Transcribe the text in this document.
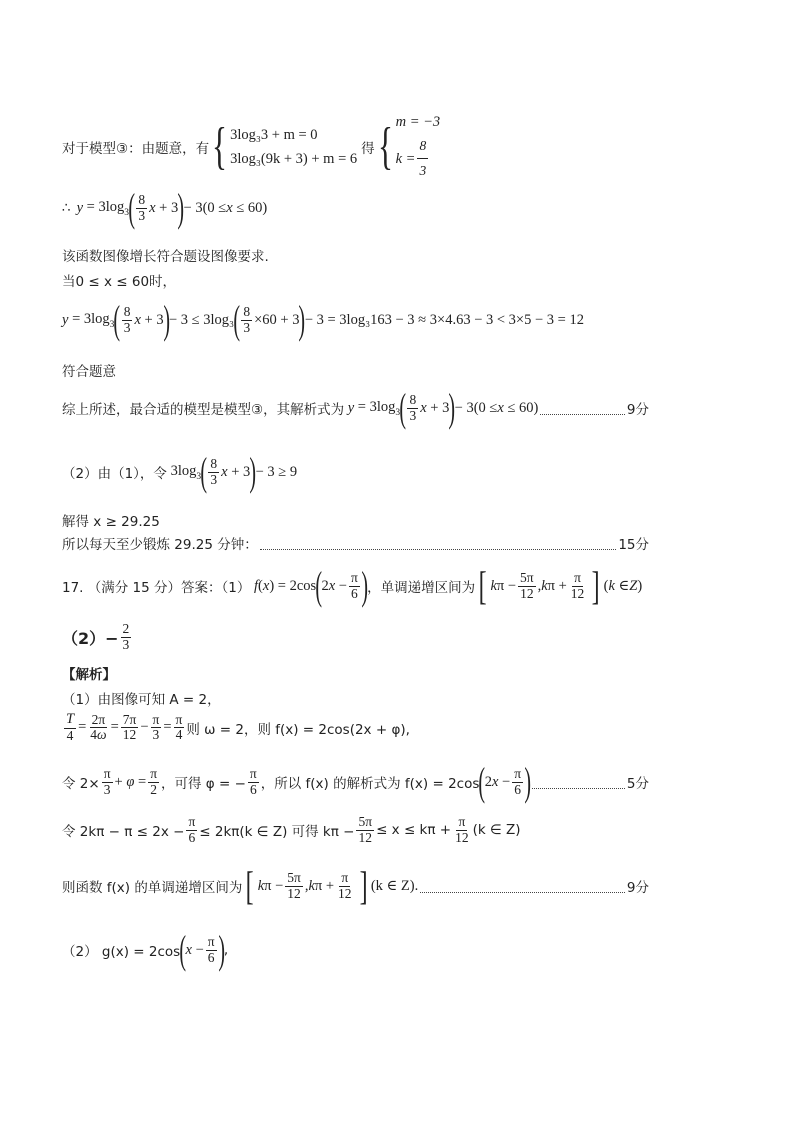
对于模型③：由题意，有 { 3log₃3 + m = 0
3log₃(9k + 3) + m = 6
得 { m = −3
$k = \frac{8}{3}$
∴ $y = 3\log_3$ ( $\frac{8}{3}$ x + 3 ) − 3(0 ≤ x ≤ 60)
该函数图像增长符合题设图像要求.
当0 ≤ x ≤ 60时，
$y = 3\log_3$ ( $\frac{8}{3}$ x + 3 ) − 3 ≤ 3log₃ ( $\frac{8}{3} \times 60 + 3$ ) − 3 = 3log₃163 − 3 ≈ 3×4.63 − 3 < 3×5 − 3 = 12
符合题意
综上所述，最合适的模型是模型③，其解析式为 $y = 3\log_3$ ( $\frac{8}{3}$ x + 3 ) − 3(0 ≤ x ≤ 60)	9分
（2）由（1），令 $3\log_3$ ( $\frac{8}{3}$ x + 3 ) − 3 ≥ 9
解得 x ≥ 29.25
所以每天至少锻炼 29.25 分钟：	15分
17. （满分 15 分）答案：（1） f ( x ) = 2cos ( 2 $x - \frac{\pi}{6}$ ) ，单调递增区间为 [ k $\pi - \frac{5\pi}{12}$ , k $\pi + \frac{\pi}{12}$ ] ( k ∈ Z )
$(2)- \frac{2}{3}$
【解析】
（1）由图像可知 A = 2，
$\frac{T}{4} = \frac{2\pi}{4\omega} = \frac{7\pi}{12} - \frac{\pi}{3} = \frac{\pi}{4}$ 则 ω = 2，则 f(x) = 2cos(2x + φ),
令 $2\times \frac{\pi}{3} + \varphi = \frac{\pi}{2}$ ，可得 φ = − $\frac{\pi}{6}$ ，所以 f(x) 的解析式为 f(x) = 2cos ( 2 $x - \frac{\pi}{6}$ )	5分
令 $2k\pi - \pi \le 2x - \frac{\pi}{6} \le 2k\pi(k$ ∈ Z) 可得 $k\pi - \frac{5\pi}{12} \le x \le k\pi + \frac{\pi}{12} (k$ ∈ Z)
则函数 f(x) 的单调递增区间为 [ k $\pi - \frac{5\pi}{12}$ , k $\pi + \frac{\pi}{12}$ ] (k ∈ Z).	9分
（2） g(x) = 2cos ( $x - \frac{\pi}{6}$ ) ,
